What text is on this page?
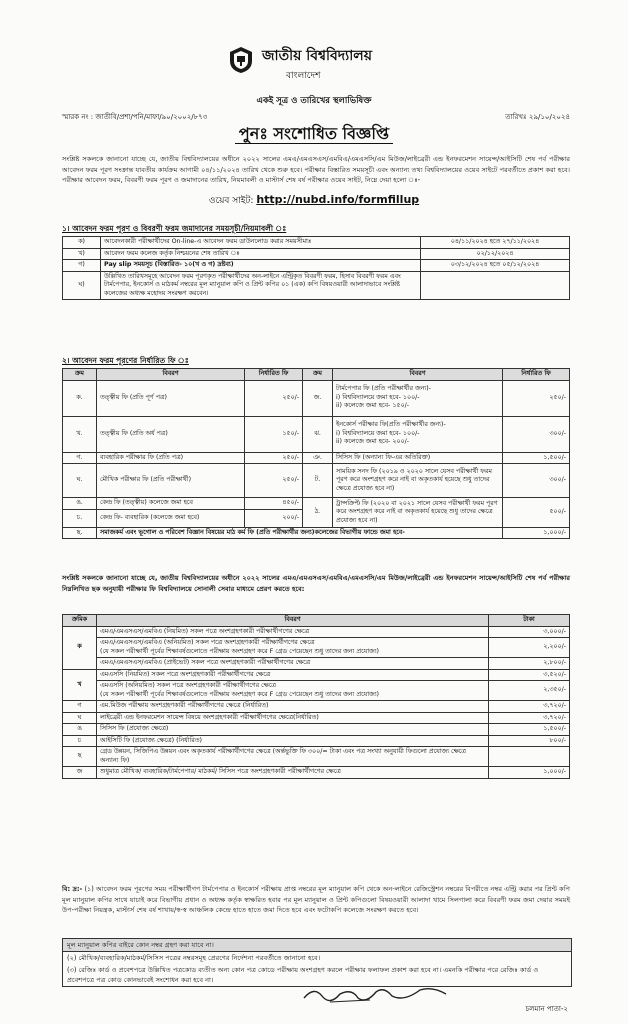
জাতীয় বিশ্ববিদ্যালয়
বাংলাদেশ
একই সূত্র ও তারিখের স্থলাভিষিক্ত
স্মারক নং : জাতীবি/প্রশা/পনি/মাফা/৯০/২০০২/৮৭৩	তারিখঃ ২৯/১০/২০২৪
পুনঃ সংশোধিত বিজ্ঞপ্তি
সংশ্লিষ্ট সকলকে জানানো যাচ্ছে যে, জাতীয় বিশ্ববিদ্যালয়ের অধীনে ২০২২ সালের এমএ/এমএসএস/এমবিএ/এমএসসি/এম মিউজ/লাইব্রেরী এন্ড ইনফরমেশন সায়েন্স/আইসিটি শেষ পর্ব পরীক্ষার আবেদন ফরম পূরণ সংক্রান্ত যাবতীয় কার্যক্রম আগামী ০৪/১১/২০২৪ তারিখ থেকে শুরু হবে। পরীক্ষার বিস্তারিত সময়সূচী এবং অন্যান্য তথ্য বিশ্ববিদ্যালয়ের ওয়েব সাইটে পরবর্তীতে প্রকাশ করা হবে। পরীক্ষার আবেদন ফরম, বিবরণী ফরম পূরণ ও জমাদানের তারিখ, নিয়মাবলী ও মাস্টার্স শেষ বর্ষ পরীক্ষার ওয়েব সাইট, নিম্নে দেয়া হলো ঃ-
ওয়েব সাইট: http://nubd.info/formfillup
১। আবেদন ফরম পূরণ ও বিবরণী ফরম জমাদানের সময়সূচী/নিয়মাবলী ঃ
ক)	আবেদনকারী পরীক্ষার্থীদের On-line-এ আবেদন ফরম ডাউনলোড করার সময়সীমাঃ	০৪/১১/২০২৪ হতে ২৭/১১/২০২৪
খ)	আবেদন ফরম কলেজ কর্তৃক নিশ্চয়নের শেষ তারিখ ঃ	০২/১২/২০২৪
গ)	Pay slip সময়সূচ (বিস্তারিত- ১০(খ ও গ) দ্রষ্টব্য)	০৩/১২/২০২৪ হতে ০৫/১২/২০২৪
ঘ)	উল্লিখিত তারিখসমূহে আবেদন ফরম পূরণকৃত পরীক্ষার্থীদের অন-লাইনে এন্ট্রিকৃত বিবরণী ফরম, হিসাব বিবরণী ফরম এবং টার্মপেপার, ইনকোর্স ও মাঠকর্ম নম্বরের মূল ম্যানুয়াল কপি ও প্রিন্ট কপির ০১ (এক) কপি বিষয়ওয়ারী আলাদাভাবে সংশ্লিষ্ট কলেজের অধ্যক্ষ মহোদয় সংরক্ষণ করবেন।	
২। আবেদন ফরম পূরণের নির্ধারিত ফি ঃ
ক্রম	বিবরণ	নির্ধারিত ফি	ক্রম	বিবরণ	নির্ধারিত ফি
ক.	তত্ত্বীয় ফি (প্রতি পূর্ণ পত্র)	২৫০/-	জ.	টার্মপেপার ফি (প্রতি পরীক্ষার্থীর জন্য)-
i) বিশ্ববিদ্যালয়ে জমা হবে- ১০০/-
ii) কলেজে জমা হবে- ১৫০/-	২৫০/-
খ.	তত্ত্বীয় ফি (প্রতি অর্ধ পত্র)	১৫০/-	ঝ.	ইনকোর্স পরীক্ষার ফি(প্রতি পরীক্ষার্থীর জন্য)-
i) বিশ্ববিদ্যালয়ে জমা হবে- ১০০/-
ii) কলেজে জমা হবে- ২০০/-	৩০০/-
গ.	ব্যবহারিক পরীক্ষার ফি (প্রতি পত্র)	২৫০/-	ঞ.	সিসিস ফি (অন্যান্য ফি-এর অতিরিক্ত)	১,৫০০/-
ঘ.	মৌখিক পরীক্ষার ফি (প্রতি পরীক্ষার্থী)	২৫০/-	ট.	সাময়িক সনদ ফি (২০১৯ ও ২০২০ সালে যেসব পরীক্ষার্থী ফরম পূরণ করে অংশগ্রহণ করে নাই বা অকৃতকার্য হয়েছে শুধু তাদের ক্ষেত্রে প্রযোজ্য হবে না)	৩০০/-
ঙ.	কেন্দ্র ফি (তত্ত্বীয়) কলেজে জমা হবে	৪৫০/-	ঠ.	ট্রান্সক্রিপ্ট ফি (২০২০ বা ২০২১ সালে যেসব পরীক্ষার্থী ফরম পূরণ করে অংশগ্রহণ করে নাই বা অকৃতকার্য হয়েছে শুধু তাদের ক্ষেত্রে প্রযোজ্য হবে না)	৫০০/-
চ.	কেন্দ্র ফি- ব্যবহারিক (কলেজে জমা হবে)	২০০/-			
ছ.	সমাজকর্ম এবং ভূগোল ও পরিবেশ বিজ্ঞান বিষয়ের মাঠ কর্ম ফি (প্রতি পরীক্ষার্থীর জন্য)কলেজের বিভাগীয় ফান্ডে জমা হবে-				১,০০০/-
সংশ্লিষ্ট সকলকে জানানো যাচ্ছে যে, জাতীয় বিশ্ববিদ্যালয়ের অধীনে ২০২২ সালের এমএ/এমএসএস/এমবিএ/এমএসসি/এম মিউজ/লাইব্রেরী এন্ড ইনফরমেশন সায়েন্স/আইসিটি শেষ পর্ব পরীক্ষার নিম্নলিখিত ছক অনুযায়ী পরীক্ষার ফি বিশ্ববিদ্যালয়ে সোনালী সেবার মাধ্যমে প্রেরণ করতে হবে:
ক্রমিক	বিবরণ	টাকা
ক	এমএ/এমএসএস/এমবিএ (নিয়মিত) সকল পত্রে অংশগ্রহণকারী পরীক্ষার্থীগণের ক্ষেত্রে	৩,০০০/-
	এমএ/এমএসএস/এমবিএ (অনিয়মিত) সকল পত্রে অংশগ্রহণকারী পরীক্ষার্থীগণের ক্ষেত্রে
(যে সকল পরীক্ষার্থী পূর্বের শিক্ষাবর্ষগুলোতে পরীক্ষায় অংশগ্রহণ করে F গ্রেড পেয়েছেন শুধু তাদের জন্য প্রযোজ্য)	২,২০০/-
	এমএ/এমএসএস/এমবিএ (প্রাইভেট) সকল পত্রে অংশগ্রহণকারী পরীক্ষার্থীগণের ক্ষেত্রে	২,৮০০/-
খ	এমএসসি (নিয়মিত) সকল পত্রে অংশগ্রহণকারী পরীক্ষার্থীগণের ক্ষেত্রে	৩,৫২০/-
	এমএসসি (অনিয়মিত) সকল পত্রে অংশগ্রহণকারী পরীক্ষার্থীগণের ক্ষেত্রে
(যে সকল পরীক্ষার্থী পূর্বের শিক্ষাবর্ষগুলোতে পরীক্ষায় অংশগ্রহণ করে F গ্রেড পেয়েছেন শুধু তাদের জন্য প্রযোজ্য)	২,৩৫০/-
গ	এম.মিউজ পরীক্ষায় অংশগ্রহণকারী পরীক্ষার্থীগণের ক্ষেত্রে (নির্ধারিত)	৩,৭২০/-
ঘ	লাইব্রেরী এন্ড ইনফরমেশন সায়েন্স বিষয়ে অংশগ্রহণকারী পরীক্ষার্থীগণের ক্ষেত্রে(নির্ধারিত)	৩,৭২০/-
ঙ	সিসিস ফি (প্রযোজ্য ক্ষেত্রে)	১,৫০০/-
চ	আইসিটি ফি (প্রযোজ্য ক্ষেত্রে) (নির্ধারিত)	৮০০/-
ছ	গ্রেড উন্নয়ন, সিজিপিএ উন্নয়ন এবং অকৃতকার্য পরীক্ষার্থীগণের ক্ষেত্রে (অর্ন্তভুক্তি ফি ৩০০/= টাকা এবং পত্র সংখ্যা অনুযায়ী ফিগুলো প্রযোজ্য ক্ষেত্রে অন্যান্য ফি)	
জ	শুধুমাত্র মৌখিক/ ব্যবহারিক/টার্মপেপার/ মাঠকর্ম/ সিসিস পত্রে অংশগ্রহণকারী পরীক্ষার্থীগণের ক্ষেত্রে	১,০০০/-
বি: দ্র:- (১) আবেদন ফরম পূরণের সময় পরীক্ষার্থীগণ টার্মপেপার ও ইনকোর্স পরীক্ষায় প্রাপ্ত নম্বরের মূল ম্যানুয়াল কপি থেকে অন-লাইনে রেজিস্ট্রেশন নম্বরের বিপরীতে নম্বর এন্ট্রি করার পর প্রিন্ট কপি মূল ম্যানুয়াল কপির সাথে যাচাই করে বিভাগীয় প্রধান ও অধ্যক্ষ কর্তৃক স্বাক্ষরিত হবার পর মূল ম্যানুয়াল ও প্রিন্ট কপিগুলো বিষয়ওয়ারী আলাদা খামে সিলগালা করে বিবরণী ফরম জমা দেয়ার সময়ই উপ-পরীক্ষা নিয়ন্ত্রক, মাস্টার্স শেষ বর্ষ শাখায়/স্ব-স্ব আঞ্চলিক কেন্দ্রে হাতে হাতে জমা দিতে হবে এবং ফটোকপি কলেজে সংরক্ষণ করতে হবে।
মূল ম্যানুয়াল কপির বাইরে কোন নম্বর গ্রহণ করা যাবে না।
(২) মৌখিক/ব্যবহারিক/মাঠকর্ম/সিসিস পত্রের নম্বরসমূহ প্রেরণের নির্দেশনা পরবর্তীতে জানানো হবে।
(৩) রেজিঃ কার্ড ও প্রবেশপত্রে উল্লিখিত পত্রকোড ব্যতীত অন্য কোন পত্র কোডে পরীক্ষায় অংশগ্রহণ করলে পরীক্ষার ফলাফল প্রকাশ করা হবে না। এমনকি পরীক্ষার পরে রেজিঃ কার্ড ও প্রবেশপত্রে পত্র কোড কোনভাবেই সংশোধন করা হবে না।
চলমান পাতা-২
